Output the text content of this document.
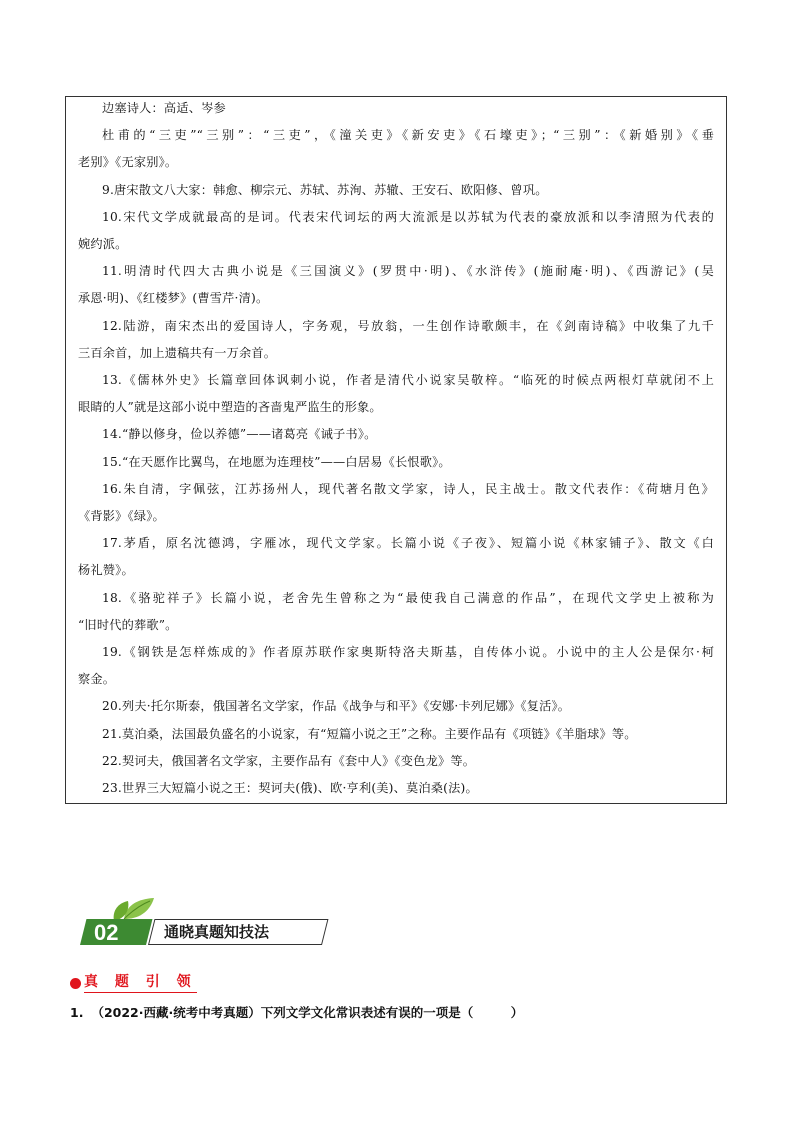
边塞诗人：高适、岑参
杜甫的“三吏”“三别”：“三吏”，《潼关吏》《新安吏》《石壕吏》；“三别”：《新婚别》《垂
老别》《无家别》。
9.唐宋散文八大家：韩愈、柳宗元、苏轼、苏洵、苏辙、王安石、欧阳修、曾巩。
10.宋代文学成就最高的是词。代表宋代词坛的两大流派是以苏轼为代表的豪放派和以李清照为代表的
婉约派。
11.明清时代四大古典小说是《三国演义》(罗贯中·明)、《水浒传》(施耐庵·明)、《西游记》(吴
承恩·明)、《红楼梦》(曹雪芹·清)。
12.陆游，南宋杰出的爱国诗人，字务观，号放翁，一生创作诗歌颇丰，在《剑南诗稿》中收集了九千
三百余首，加上遗稿共有一万余首。
13.《儒林外史》长篇章回体讽刺小说，作者是清代小说家吴敬梓。“临死的时候点两根灯草就闭不上
眼睛的人”就是这部小说中塑造的吝啬鬼严监生的形象。
14.“静以修身，俭以养德”——诸葛亮《诫子书》。
15.“在天愿作比翼鸟，在地愿为连理枝”——白居易《长恨歌》。
16.朱自清，字佩弦，江苏扬州人，现代著名散文学家，诗人，民主战士。散文代表作：《荷塘月色》
《背影》《绿》。
17.茅盾，原名沈德鸿，字雁冰，现代文学家。长篇小说《子夜》、短篇小说《林家铺子》、散文《白
杨礼赞》。
18.《骆驼祥子》长篇小说，老舍先生曾称之为“最使我自己满意的作品”，在现代文学史上被称为
“旧时代的葬歌”。
19.《钢铁是怎样炼成的》作者原苏联作家奥斯特洛夫斯基，自传体小说。小说中的主人公是保尔·柯
察金。
20.列夫·托尔斯泰，俄国著名文学家，作品《战争与和平》《安娜·卡列尼娜》《复活》。
21.莫泊桑，法国最负盛名的小说家，有“短篇小说之王”之称。主要作品有《项链》《羊脂球》等。
22.契诃夫，俄国著名文学家，主要作品有《套中人》《变色龙》等。
23.世界三大短篇小说之王：契诃夫(俄)、欧·亨利(美)、莫泊桑(法)。
02	通晓真题知技法
真 题 引 领
1. （2022·西藏·统考中考真题）下列文学文化常识表述有误的一项是（　　　）
